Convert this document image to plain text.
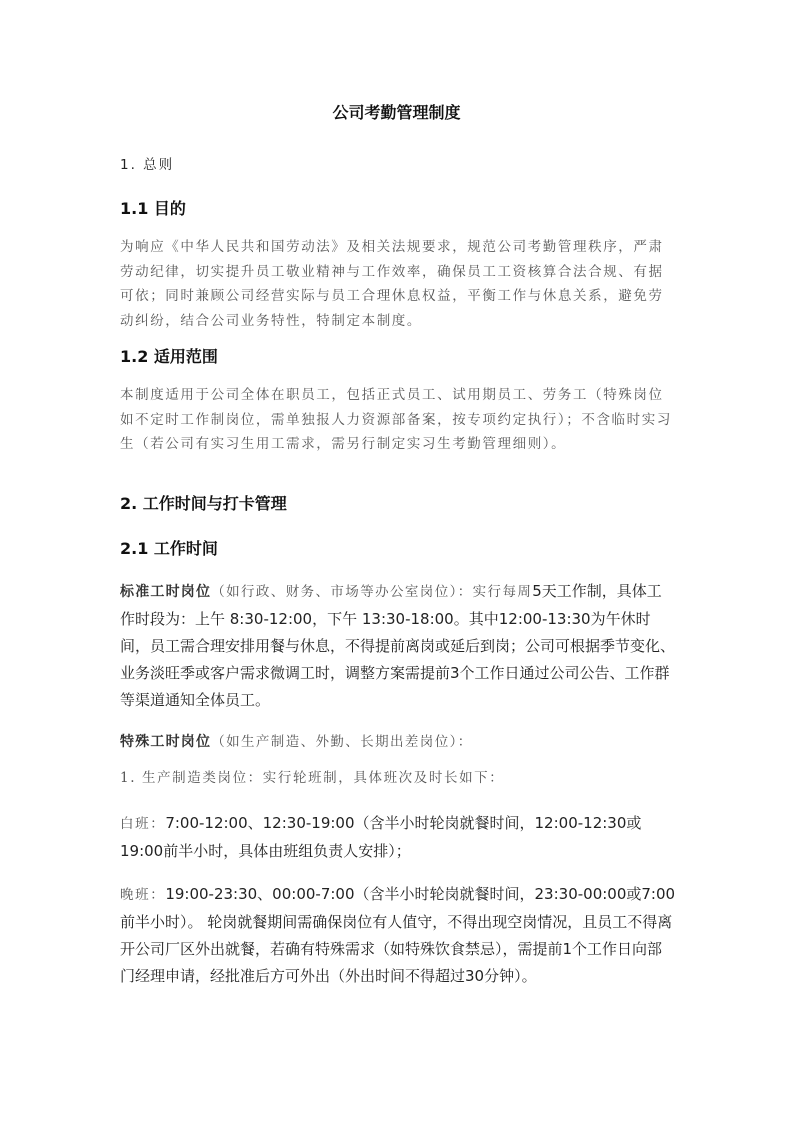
公司考勤管理制度
1. 总则
1.1 目的

为响应《中华人民共和国劳动法》及相关法规要求，规范公司考勤管理秩序，严肃劳动纪律，切实提升员工敬业精神与工作效率，确保员工工资核算合法合规、有据可依；同时兼顾公司经营实际与员工合理休息权益，平衡工作与休息关系，避免劳动纠纷，结合公司业务特性，特制定本制度。

1.2 适用范围

本制度适用于公司全体在职员工，包括正式员工、试用期员工、劳务工（特殊岗位如不定时工作制岗位，需单独报人力资源部备案，按专项约定执行）；不含临时实习生（若公司有实习生用工需求，需另行制定实习生考勤管理细则）。

2. 工作时间与打卡管理
2.1 工作时间

标准工时岗位（如行政、财务、市场等办公室岗位）：实行每周5天工作制，具体工作时段为：上午 8:30-12:00，下午 13:30-18:00。其中12:00-13:30为午休时间，员工需合理安排用餐与休息，不得提前离岗或延后到岗；公司可根据季节变化、业务淡旺季或客户需求微调工时，调整方案需提前3个工作日通过公司公告、工作群等渠道通知全体员工。

特殊工时岗位（如生产制造、外勤、长期出差岗位）：

1. 生产制造类岗位：实行轮班制，具体班次及时长如下：

白班：7:00-12:00、12:30-19:00（含半小时轮岗就餐时间，12:00-12:30或19:00前半小时，具体由班组负责人安排）；

晚班：19:00-23:30、00:00-7:00（含半小时轮岗就餐时间，23:30-00:00或7:00前半小时）。 轮岗就餐期间需确保岗位有人值守，不得出现空岗情况，且员工不得离开公司厂区外出就餐，若确有特殊需求（如特殊饮食禁忌），需提前1个工作日向部门经理申请，经批准后方可外出（外出时间不得超过30分钟）。
